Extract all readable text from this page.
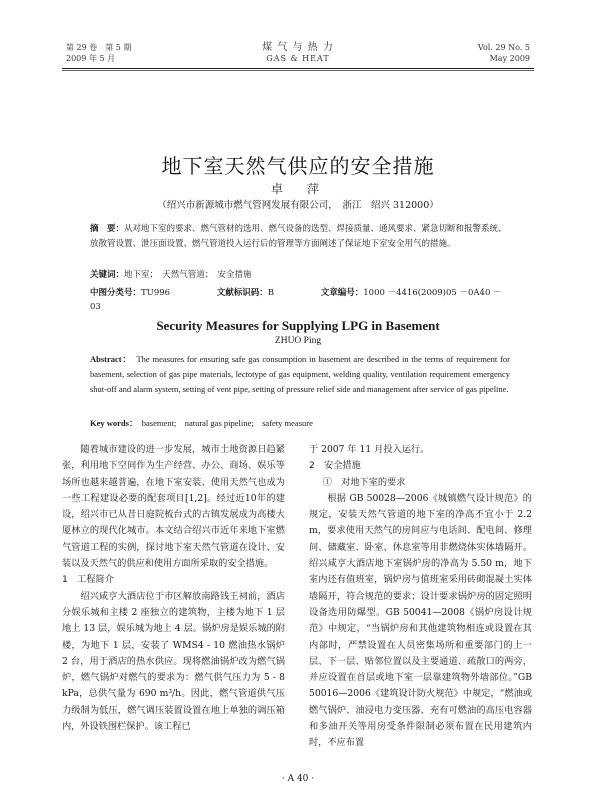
第 29 卷　第 5 期
2009 年 5 月
煤 气 与 热 力
GAS & HEAT
Vol. 29 No. 5
May 2009
地下室天然气供应的安全措施
卓　萍
（绍兴市新源城市燃气管网发展有限公司，　浙江　绍兴 312000）
摘　要：从对地下室的要求、燃气管材的选用、燃气设备的选型、焊接质量、通风要求、紧急切断和报警系统、放散管设置、泄压面设置、燃气管道投入运行后的管理等方面阐述了保证地下室安全用气的措施。
关键词：地下室；　天然气管道；　安全措施
中图分类号：TU996	文献标识码：B	文章编号：1000 －4416(2009)05 －0A40 －03
Security Measures for Supplying LPG in Basement
ZHUO Ping
Abstract：　 The measures for ensuring safe gas consumption in basement are described in the terms of requirement for basement, selection of gas pipe materials, lectotype of gas equipment, welding quality, ventilation requirement emergency shut-off and alarm system, setting of vent pipe, setting of pressure relief side and management after service of gas pipeline.
Key words：　 basement;　natural gas pipeline;　safety measure

随着城市建设的进一步发展，城市土地资源日趋紧张，利用地下空间作为生产经营、办公、商场、娱乐等场所也越来越普遍，在地下室安装、使用天然气也成为一些工程建设必要的配套项目[1,2]。经过近10年的建设，绍兴市已从昔日庭院梳台式的古镇发展成为高楼大厦林立的现代化城市。本文结合绍兴市近年来地下室燃气管道工程的实例，探讨地下室天然气管道在设计、安装以及天然气的供应和使用方面所采取的安全措施。

1　工程简介

绍兴咸亨大酒店位于市区解放南路钱王祠前，酒店分娱乐城和主楼 2 座独立的建筑物，主楼为地下 1 层地上 13 层，娱乐城为地上 4 层。锅炉房是娱乐城的附楼，为地下 1 层，安装了 WMS4 - 10 燃油热水锅炉 2 台，用于酒店的热水供应。现将燃油锅炉改为燃气锅炉，燃气锅炉对燃气的要求为：燃气供气压力为 5 - 8 kPa，总供气量为 690 m³/h。因此，燃气管道供气压力级制为低压，燃气调压装置设置在地上单独的调压箱内，外设铁围栏保护。该工程已

于 2007 年 11 月投入运行。

2　安全措施

①　对地下室的要求

根据 GB 50028—2006《城镇燃气设计规范》的规定，安装天然气管道的地下室的净高不宜小于 2.2 m，要求使用天然气的房间应与电话间、配电间、修理间、储藏室、卧室、休息室等用非燃烧体实体墙隔开。绍兴咸亨大酒店地下室锅炉房的净高为 5.50 m，地下室内还有值班室，锅炉房与值班室采用砖砌混凝土实体墙隔开，符合规范的要求；设计要求锅炉房的固定照明设备选用防爆型。GB 50041—2008《锅炉房设计规范》中规定，“当锅炉房和其他建筑物相连或设置在其内部时，严禁设置在人员密集场所和重要部门的上一层、下一层、贴邻位置以及主要通道、疏散口的两旁，并应设置在首层或地下室一层靠建筑物外墙部位。”GB 50016—2006《建筑设计防火规范》中规定，“燃油或燃气锅炉、油浸电力变压器、充有可燃油的高压电容器和多油开关等用房受条件限制必须布置在民用建筑内时，不应布置

· A 40 ·
